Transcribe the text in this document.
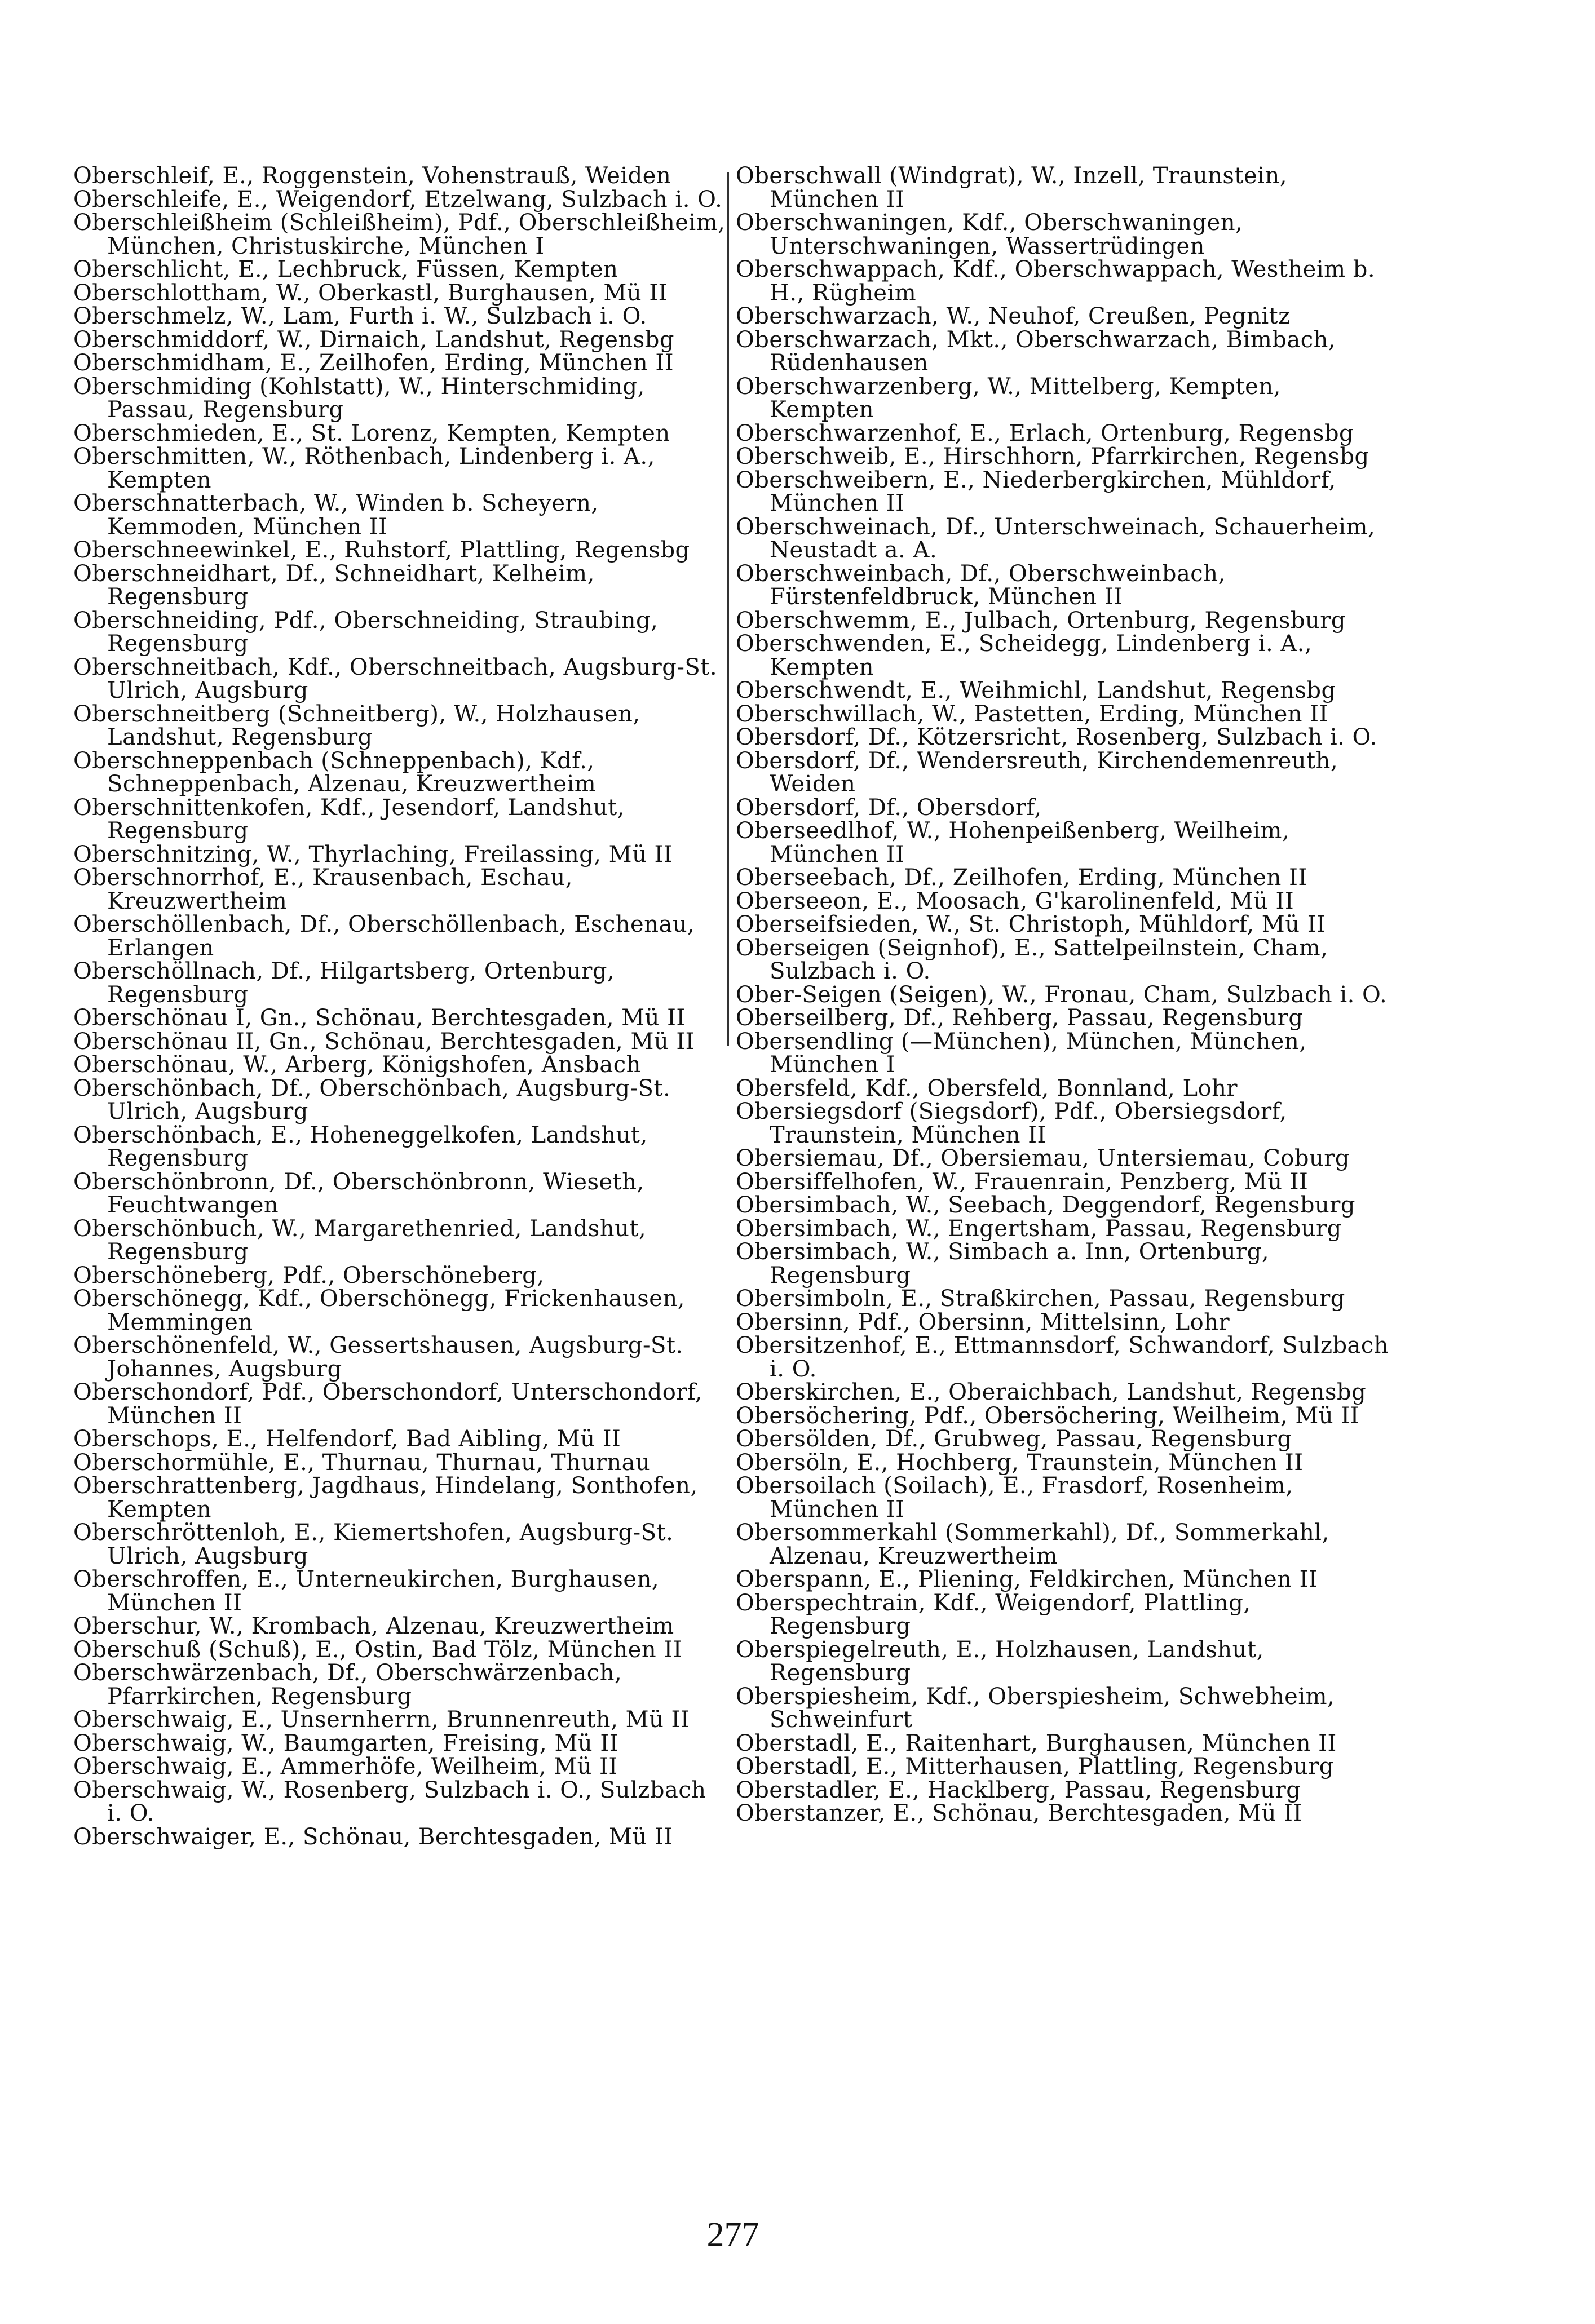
Oberschleif, E., Roggenstein, Vohenstrauß, Weiden

Oberschleife, E., Weigendorf, Etzelwang, Sulzbach i. O.

Oberschleißheim (Schleißheim), Pdf., Oberschleißheim, München, Christuskirche, München I

Oberschlicht, E., Lechbruck, Füssen, Kempten

Oberschlottham, W., Oberkastl, Burghausen, Mü II

Oberschmelz, W., Lam, Furth i. W., Sulzbach i. O.

Oberschmiddorf, W., Dirnaich, Landshut, Regensbg

Oberschmidham, E., Zeilhofen, Erding, München II

Oberschmiding (Kohlstatt), W., Hinterschmiding, Passau, Regensburg

Oberschmieden, E., St. Lorenz, Kempten, Kempten

Oberschmitten, W., Röthenbach, Lindenberg i. A., Kempten

Oberschnatterbach, W., Winden b. Scheyern, Kemmoden, München II

Oberschneewinkel, E., Ruhstorf, Plattling, Regensbg

Oberschneidhart, Df., Schneidhart, Kelheim, Regensburg

Oberschneiding, Pdf., Oberschneiding, Straubing, Regensburg

Oberschneitbach, Kdf., Oberschneitbach, Augsburg-St. Ulrich, Augsburg

Oberschneitberg (Schneitberg), W., Holzhausen, Landshut, Regensburg

Oberschneppenbach (Schneppenbach), Kdf., Schneppenbach, Alzenau, Kreuzwertheim

Oberschnittenkofen, Kdf., Jesendorf, Landshut, Regensburg

Oberschnitzing, W., Thyrlaching, Freilassing, Mü II

Oberschnorrhof, E., Krausenbach, Eschau, Kreuzwertheim

Oberschöllenbach, Df., Oberschöllenbach, Eschenau, Erlangen

Oberschöllnach, Df., Hilgartsberg, Ortenburg, Regensburg

Oberschönau I, Gn., Schönau, Berchtesgaden, Mü II

Oberschönau II, Gn., Schönau, Berchtesgaden, Mü II

Oberschönau, W., Arberg, Königshofen, Ansbach

Oberschönbach, Df., Oberschönbach, Augsburg-St. Ulrich, Augsburg

Oberschönbach, E., Hoheneggelkofen, Landshut, Regensburg

Oberschönbronn, Df., Oberschönbronn, Wieseth, Feuchtwangen

Oberschönbuch, W., Margarethenried, Landshut, Regensburg

Oberschöneberg, Pdf., Oberschöneberg,

Oberschönegg, Kdf., Oberschönegg, Frickenhausen, Memmingen

Oberschönenfeld, W., Gessertshausen, Augsburg-St. Johannes, Augsburg

Oberschondorf, Pdf., Oberschondorf, Unterschondorf, München II

Oberschops, E., Helfendorf, Bad Aibling, Mü II

Oberschormühle, E., Thurnau, Thurnau, Thurnau

Oberschrattenberg, Jagdhaus, Hindelang, Sonthofen, Kempten

Oberschröttenloh, E., Kiemertshofen, Augsburg-St. Ulrich, Augsburg

Oberschroffen, E., Unterneukirchen, Burghausen, München II

Oberschur, W., Krombach, Alzenau, Kreuzwertheim

Oberschuß (Schuß), E., Ostin, Bad Tölz, München II

Oberschwärzenbach, Df., Oberschwärzenbach, Pfarrkirchen, Regensburg

Oberschwaig, E., Unsernherrn, Brunnenreuth, Mü II

Oberschwaig, W., Baumgarten, Freising, Mü II

Oberschwaig, E., Ammerhöfe, Weilheim, Mü II

Oberschwaig, W., Rosenberg, Sulzbach i. O., Sulzbach i. O.

Oberschwaiger, E., Schönau, Berchtesgaden, Mü II

Oberschwall (Windgrat), W., Inzell, Traunstein, München II

Oberschwaningen, Kdf., Oberschwaningen, Unterschwaningen, Wassertrüdingen

Oberschwappach, Kdf., Oberschwappach, Westheim b. H., Rügheim

Oberschwarzach, W., Neuhof, Creußen, Pegnitz

Oberschwarzach, Mkt., Oberschwarzach, Bimbach, Rüdenhausen

Oberschwarzenberg, W., Mittelberg, Kempten, Kempten

Oberschwarzenhof, E., Erlach, Ortenburg, Regensbg

Oberschweib, E., Hirschhorn, Pfarrkirchen, Regensbg

Oberschweibern, E., Niederbergkirchen, Mühldorf, München II

Oberschweinach, Df., Unterschweinach, Schauerheim, Neustadt a. A.

Oberschweinbach, Df., Oberschweinbach, Fürstenfeldbruck, München II

Oberschwemm, E., Julbach, Ortenburg, Regensburg

Oberschwenden, E., Scheidegg, Lindenberg i. A., Kempten

Oberschwendt, E., Weihmichl, Landshut, Regensbg

Oberschwillach, W., Pastetten, Erding, München II

Obersdorf, Df., Kötzersricht, Rosenberg, Sulzbach i. O.

Obersdorf, Df., Wendersreuth, Kirchendemenreuth, Weiden

Obersdorf, Df., Obersdorf,

Oberseedlhof, W., Hohenpeißenberg, Weilheim, München II

Oberseebach, Df., Zeilhofen, Erding, München II

Oberseeon, E., Moosach, G'karolinenfeld, Mü II

Oberseifsieden, W., St. Christoph, Mühldorf, Mü II

Oberseigen (Seignhof), E., Sattelpeilnstein, Cham, Sulzbach i. O.

Ober-Seigen (Seigen), W., Fronau, Cham, Sulzbach i. O.

Oberseilberg, Df., Rehberg, Passau, Regensburg

Obersendling (—München), München, München, München I

Obersfeld, Kdf., Obersfeld, Bonnland, Lohr

Obersiegsdorf (Siegsdorf), Pdf., Obersiegsdorf, Traunstein, München II

Obersiemau, Df., Obersiemau, Untersiemau, Coburg

Obersiffelhofen, W., Frauenrain, Penzberg, Mü II

Obersimbach, W., Seebach, Deggendorf, Regensburg

Obersimbach, W., Engertsham, Passau, Regensburg

Obersimbach, W., Simbach a. Inn, Ortenburg, Regensburg

Obersimboln, E., Straßkirchen, Passau, Regensburg

Obersinn, Pdf., Obersinn, Mittelsinn, Lohr

Obersitzenhof, E., Ettmannsdorf, Schwandorf, Sulzbach i. O.

Oberskirchen, E., Oberaichbach, Landshut, Regensbg

Obersöchering, Pdf., Obersöchering, Weilheim, Mü II

Obersölden, Df., Grubweg, Passau, Regensburg

Obersöln, E., Hochberg, Traunstein, München II

Obersoilach (Soilach), E., Frasdorf, Rosenheim, München II

Obersommerkahl (Sommerkahl), Df., Sommerkahl, Alzenau, Kreuzwertheim

Oberspann, E., Pliening, Feldkirchen, München II

Oberspechtrain, Kdf., Weigendorf, Plattling, Regensburg

Oberspiegelreuth, E., Holzhausen, Landshut, Regensburg

Oberspiesheim, Kdf., Oberspiesheim, Schwebheim, Schweinfurt

Oberstadl, E., Raitenhart, Burghausen, München II

Oberstadl, E., Mitterhausen, Plattling, Regensburg

Oberstadler, E., Hacklberg, Passau, Regensburg

Oberstanzer, E., Schönau, Berchtesgaden, Mü II

277
